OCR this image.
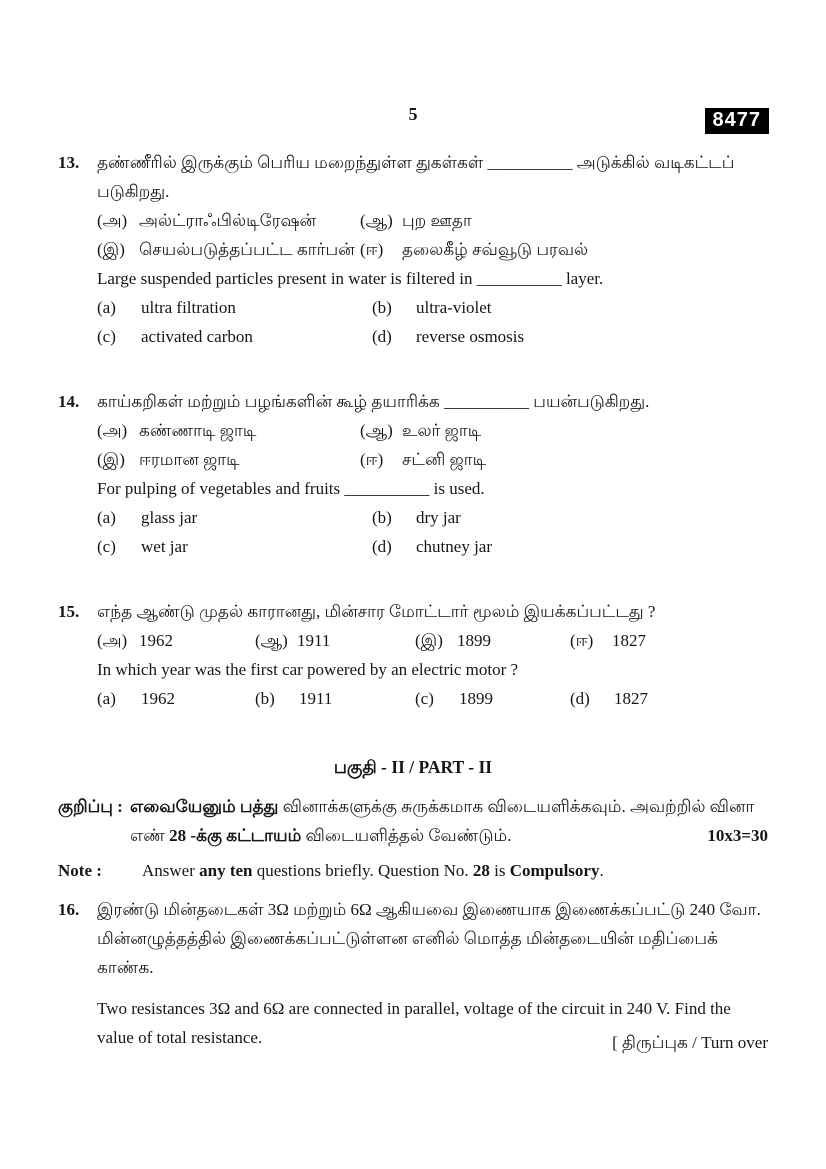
5	8477
13.	தண்ணீரில் இருக்கும் பெரிய மறைந்துள்ள துகள்கள் __________ அடுக்கில் வடிகட்டப் படுகிறது.

(அ) அல்ட்ராஃபில்டிரேஷன்	(ஆ) புற ஊதா
(இ) செயல்படுத்தப்பட்ட கார்பன் (ஈ)	தலைகீழ் சவ்வூடு பரவல்

Large suspended particles present in water is filtered in __________ layer.

(a)	ultra filtration	(b)	ultra-violet
(c)	activated carbon	(d)	reverse osmosis
14.	காய்கறிகள் மற்றும் பழங்களின் கூழ் தயாரிக்க __________ பயன்படுகிறது.

(அ) கண்ணாடி ஜாடி	(ஆ) உலர் ஜாடி
(இ) ஈரமான ஜாடி	(ஈ)	சட்னி ஜாடி

For pulping of vegetables and fruits __________ is used.

(a)	glass jar	(b)	dry jar
(c)	wet jar	(d)	chutney jar
15.	எந்த ஆண்டு முதல் காரானது, மின்சார மோட்டார் மூலம் இயக்கப்பட்டது ?

(அ) 1962	(ஆ) 1911	(இ) 1899	(ஈ)	1827

In which year was the first car powered by an electric motor ?

(a)	1962	(b)	1911	(c)	1899	(d)	1827
பகுதி - II / PART - II
குறிப்பு : எவையேனும் பத்து வினாக்களுக்கு சுருக்கமாக விடையளிக்கவும். அவற்றில் வினா எண் 28 -க்கு கட்டாயம் விடையளித்தல் வேண்டும்.	10x3=30
Note :	Answer any ten questions briefly. Question No. 28 is Compulsory.

16.	இரண்டு மின்தடைகள் 3Ω மற்றும் 6Ω ஆகியவை இணையாக இணைக்கப்பட்டு 240 வோ. மின்னழுத்தத்தில் இணைக்கப்பட்டுள்ளன எனில் மொத்த மின்தடையின் மதிப்பைக் காண்க.

Two resistances 3Ω and 6Ω are connected in parallel, voltage of the circuit in 240 V. Find the value of total resistance.	[ திருப்புக / Turn over
